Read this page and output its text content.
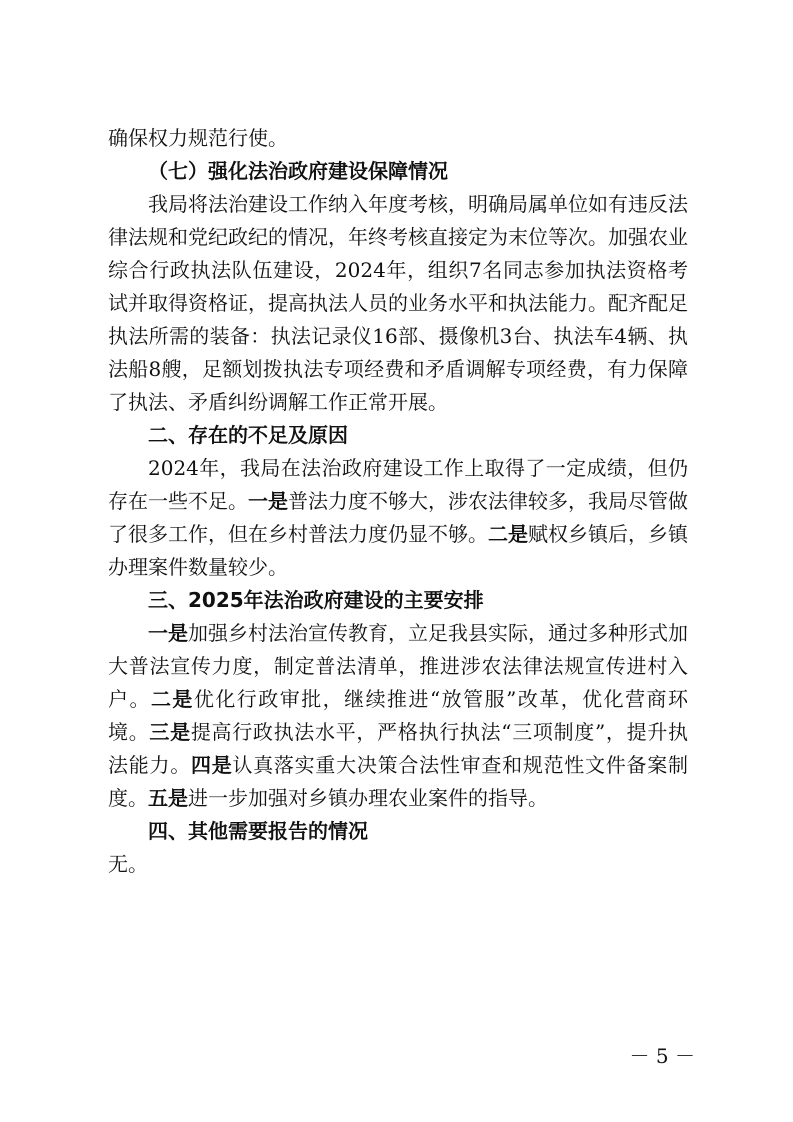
确保权力规范行使。

（七）强化法治政府建设保障情况

我局将法治建设工作纳入年度考核，明确局属单位如有违反法律法规和党纪政纪的情况，年终考核直接定为末位等次。加强农业综合行政执法队伍建设，2024年，组织7名同志参加执法资格考试并取得资格证，提高执法人员的业务水平和执法能力。配齐配足执法所需的装备：执法记录仪16部、摄像机3台、执法车4辆、执法船8艘，足额划拨执法专项经费和矛盾调解专项经费，有力保障了执法、矛盾纠纷调解工作正常开展。

二、存在的不足及原因

2024年，我局在法治政府建设工作上取得了一定成绩，但仍存在一些不足。一是普法力度不够大，涉农法律较多，我局尽管做了很多工作，但在乡村普法力度仍显不够。二是赋权乡镇后，乡镇办理案件数量较少。

三、2025年法治政府建设的主要安排

一是加强乡村法治宣传教育，立足我县实际，通过多种形式加大普法宣传力度，制定普法清单，推进涉农法律法规宣传进村入户。二是优化行政审批，继续推进“放管服”改革，优化营商环境。三是提高行政执法水平，严格执行执法“三项制度”，提升执法能力。四是认真落实重大决策合法性审查和规范性文件备案制度。五是进一步加强对乡镇办理农业案件的指导。

四、其他需要报告的情况

无。

－ 5 －
